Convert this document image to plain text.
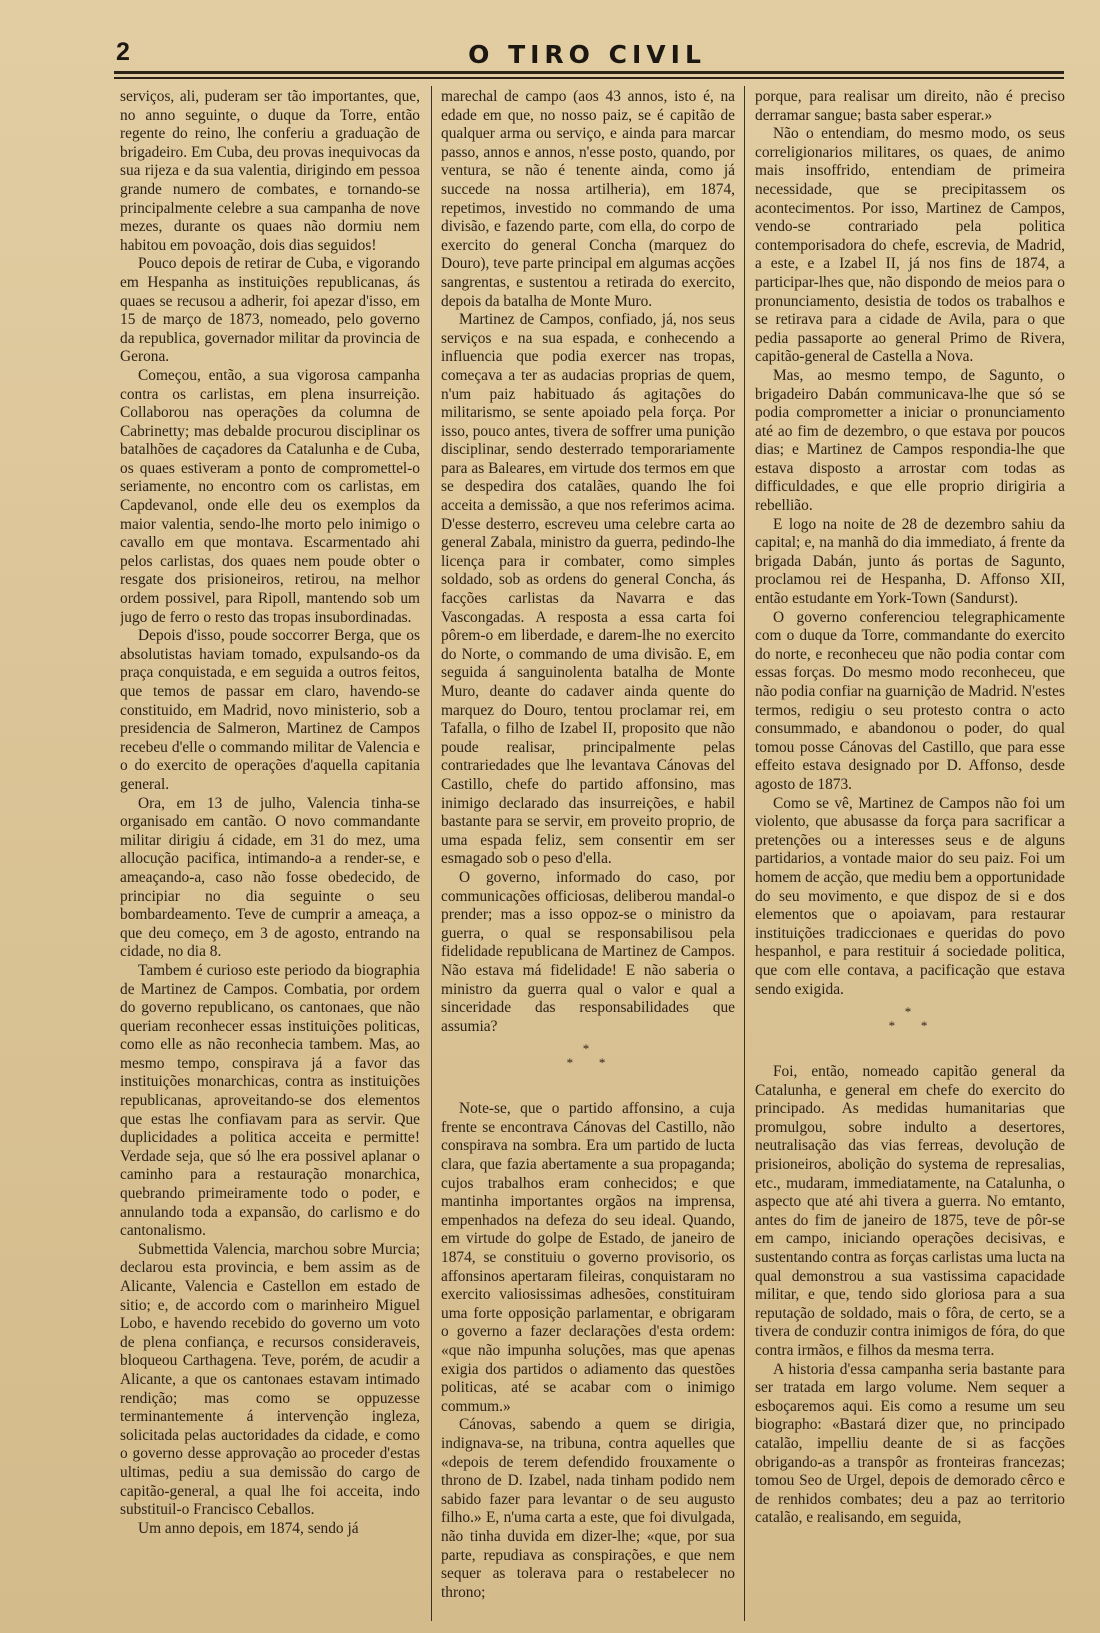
2	O TIRO CIVIL

serviços, ali, puderam ser tão importantes, que, no anno seguinte, o duque da Torre, então regente do reino, lhe conferiu a graduação de brigadeiro. Em Cuba, deu provas inequivocas da sua rijeza e da sua valentia, dirigindo em pessoa grande numero de combates, e tornando-se principalmente celebre a sua campanha de nove mezes, durante os quaes não dormiu nem habitou em povoação, dois dias seguidos!

Pouco depois de retirar de Cuba, e vigorando em Hespanha as instituições republicanas, ás quaes se recusou a adherir, foi apezar d'isso, em 15 de março de 1873, nomeado, pelo governo da republica, governador militar da provincia de Gerona.

Começou, então, a sua vigorosa campanha contra os carlistas, em plena insurreição. Collaborou nas operações da columna de Cabrinetty; mas debalde procurou disciplinar os batalhões de caçadores da Catalunha e de Cuba, os quaes estiveram a ponto de compromettel-o seriamente, no encontro com os carlistas, em Capdevanol, onde elle deu os exemplos da maior valentia, sendo-lhe morto pelo inimigo o cavallo em que montava. Escarmentado ahi pelos carlistas, dos quaes nem poude obter o resgate dos prisioneiros, retirou, na melhor ordem possivel, para Ripoll, mantendo sob um jugo de ferro o resto das tropas insubordinadas.

Depois d'isso, poude soccorrer Berga, que os absolutistas haviam tomado, expulsando-os da praça conquistada, e em seguida a outros feitos, que temos de passar em claro, havendo-se constituido, em Madrid, novo ministerio, sob a presidencia de Salmeron, Martinez de Campos recebeu d'elle o commando militar de Valencia e o do exercito de operações d'aquella capitania general.

Ora, em 13 de julho, Valencia tinha-se organisado em cantão. O novo commandante militar dirigiu á cidade, em 31 do mez, uma allocução pacifica, intimando-a a render-se, e ameaçando-a, caso não fosse obedecido, de principiar no dia seguinte o seu bombardeamento. Teve de cumprir a ameaça, a que deu começo, em 3 de agosto, entrando na cidade, no dia 8.

Tambem é curioso este periodo da biographia de Martinez de Campos. Combatia, por ordem do governo republicano, os cantonaes, que não queriam reconhecer essas instituições politicas, como elle as não reconhecia tambem. Mas, ao mesmo tempo, conspirava já a favor das instituições monarchicas, contra as instituições republicanas, aproveitando-se dos elementos que estas lhe confiavam para as servir. Que duplicidades a politica acceita e permitte! Verdade seja, que só lhe era possivel aplanar o caminho para a restauração monarchica, quebrando primeiramente todo o poder, e annulando toda a expansão, do carlismo e do cantonalismo.

Submettida Valencia, marchou sobre Murcia; declarou esta provincia, e bem assim as de Alicante, Valencia e Castellon em estado de sitio; e, de accordo com o marinheiro Miguel Lobo, e havendo recebido do governo um voto de plena confiança, e recursos consideraveis, bloqueou Carthagena. Teve, porém, de acudir a Alicante, a que os cantonaes estavam intimado rendição; mas como se oppuzesse terminantemente á intervenção ingleza, solicitada pelas auctoridades da cidade, e como o governo desse approvação ao proceder d'estas ultimas, pediu a sua demissão do cargo de capitão-general, a qual lhe foi acceita, indo substituil-o Francisco Ceballos.

Um anno depois, em 1874, sendo já

marechal de campo (aos 43 annos, isto é, na edade em que, no nosso paiz, se é capitão de qualquer arma ou serviço, e ainda para marcar passo, annos e annos, n'esse posto, quando, por ventura, se não é tenente ainda, como já succede na nossa artilheria), em 1874, repetimos, investido no commando de uma divisão, e fazendo parte, com ella, do corpo de exercito do general Concha (marquez do Douro), teve parte principal em algumas acções sangrentas, e sustentou a retirada do exercito, depois da batalha de Monte Muro.

Martinez de Campos, confiado, já, nos seus serviços e na sua espada, e conhecendo a influencia que podia exercer nas tropas, começava a ter as audacias proprias de quem, n'um paiz habituado ás agitações do militarismo, se sente apoiado pela força. Por isso, pouco antes, tivera de soffrer uma punição disciplinar, sendo desterrado temporariamente para as Baleares, em virtude dos termos em que se despedira dos catalães, quando lhe foi acceita a demissão, a que nos referimos acima. D'esse desterro, escreveu uma celebre carta ao general Zabala, ministro da guerra, pedindo-lhe licença para ir combater, como simples soldado, sob as ordens do general Concha, ás facções carlistas da Navarra e das Vascongadas. A resposta a essa carta foi pôrem-o em liberdade, e darem-lhe no exercito do Norte, o commando de uma divisão. E, em seguida á sanguinolenta batalha de Monte Muro, deante do cadaver ainda quente do marquez do Douro, tentou proclamar rei, em Tafalla, o filho de Izabel II, proposito que não poude realisar, principalmente pelas contrariedades que lhe levantava Cánovas del Castillo, chefe do partido affonsino, mas inimigo declarado das insurreições, e habil bastante para se servir, em proveito proprio, de uma espada feliz, sem consentir em ser esmagado sob o peso d'ella.

O governo, informado do caso, por communicações officiosas, deliberou mandal-o prender; mas a isso oppoz-se o ministro da guerra, o qual se responsabilisou pela fidelidade republicana de Martinez de Campos. Não estava má fidelidade! E não saberia o ministro da guerra qual o valor e qual a sinceridade das responsabilidades que assumia?

*
* *

Note-se, que o partido affonsino, a cuja frente se encontrava Cánovas del Castillo, não conspirava na sombra. Era um partido de lucta clara, que fazia abertamente a sua propaganda; cujos trabalhos eram conhecidos; e que mantinha importantes orgãos na imprensa, empenhados na defeza do seu ideal. Quando, em virtude do golpe de Estado, de janeiro de 1874, se constituiu o governo provisorio, os affonsinos apertaram fileiras, conquistaram no exercito valiosissimas adhesões, constituiram uma forte opposição parlamentar, e obrigaram o governo a fazer declarações d'esta ordem: «que não impunha soluções, mas que apenas exigia dos partidos o adiamento das questões politicas, até se acabar com o inimigo commum.»

Cánovas, sabendo a quem se dirigia, indignava-se, na tribuna, contra aquelles que «depois de terem defendido frouxamente o throno de D. Izabel, nada tinham podido nem sabido fazer para levantar o de seu augusto filho.» E, n'uma carta a este, que foi divulgada, não tinha duvida em dizer-lhe; «que, por sua parte, repudiava as conspirações, e que nem sequer as tolerava para o restabelecer no throno;

porque, para realisar um direito, não é preciso derramar sangue; basta saber esperar.»

Não o entendiam, do mesmo modo, os seus correligionarios militares, os quaes, de animo mais insoffrido, entendiam de primeira necessidade, que se precipitassem os acontecimentos. Por isso, Martinez de Campos, vendo-se contrariado pela politica contemporisadora do chefe, escrevia, de Madrid, a este, e a Izabel II, já nos fins de 1874, a participar-lhes que, não dispondo de meios para o pronunciamento, desistia de todos os trabalhos e se retirava para a cidade de Avila, para o que pedia passaporte ao general Primo de Rivera, capitão-general de Castella a Nova.

Mas, ao mesmo tempo, de Sagunto, o brigadeiro Dabán communicava-lhe que só se podia comprometter a iniciar o pronunciamento até ao fim de dezembro, o que estava por poucos dias; e Martinez de Campos respondia-lhe que estava disposto a arrostar com todas as difficuldades, e que elle proprio dirigiria a rebellião.

E logo na noite de 28 de dezembro sahiu da capital; e, na manhã do dia immediato, á frente da brigada Dabán, junto ás portas de Sagunto, proclamou rei de Hespanha, D. Affonso XII, então estudante em York-Town (Sandurst).

O governo conferenciou telegraphicamente com o duque da Torre, commandante do exercito do norte, e reconheceu que não podia contar com essas forças. Do mesmo modo reconheceu, que não podia confiar na guarnição de Madrid. N'estes termos, redigiu o seu protesto contra o acto consummado, e abandonou o poder, do qual tomou posse Cánovas del Castillo, que para esse effeito estava designado por D. Affonso, desde agosto de 1873.

Como se vê, Martinez de Campos não foi um violento, que abusasse da força para sacrificar a pretenções ou a interesses seus e de alguns partidarios, a vontade maior do seu paiz. Foi um homem de acção, que mediu bem a opportunidade do seu movimento, e que dispoz de si e dos elementos que o apoiavam, para restaurar instituições tradiccionaes e queridas do povo hespanhol, e para restituir á sociedade politica, que com elle contava, a pacificação que estava sendo exigida.

*
* *

Foi, então, nomeado capitão general da Catalunha, e general em chefe do exercito do principado. As medidas humanitarias que promulgou, sobre indulto a desertores, neutralisação das vias ferreas, devolução de prisioneiros, abolição do systema de represalias, etc., mudaram, immediatamente, na Catalunha, o aspecto que até ahi tivera a guerra. No emtanto, antes do fim de janeiro de 1875, teve de pôr-se em campo, iniciando operações decisivas, e sustentando contra as forças carlistas uma lucta na qual demonstrou a sua vastissima capacidade militar, e que, tendo sido gloriosa para a sua reputação de soldado, mais o fôra, de certo, se a tivera de conduzir contra inimigos de fóra, do que contra irmãos, e filhos da mesma terra.

A historia d'essa campanha seria bastante para ser tratada em largo volume. Nem sequer a esboçaremos aqui. Eis como a resume um seu biographo: «Bastará dizer que, no principado catalão, impelliu deante de si as facções obrigando-as a transpôr as fronteiras francezas; tomou Seo de Urgel, depois de demorado cêrco e de renhidos combates; deu a paz ao territorio catalão, e realisando, em seguida,
